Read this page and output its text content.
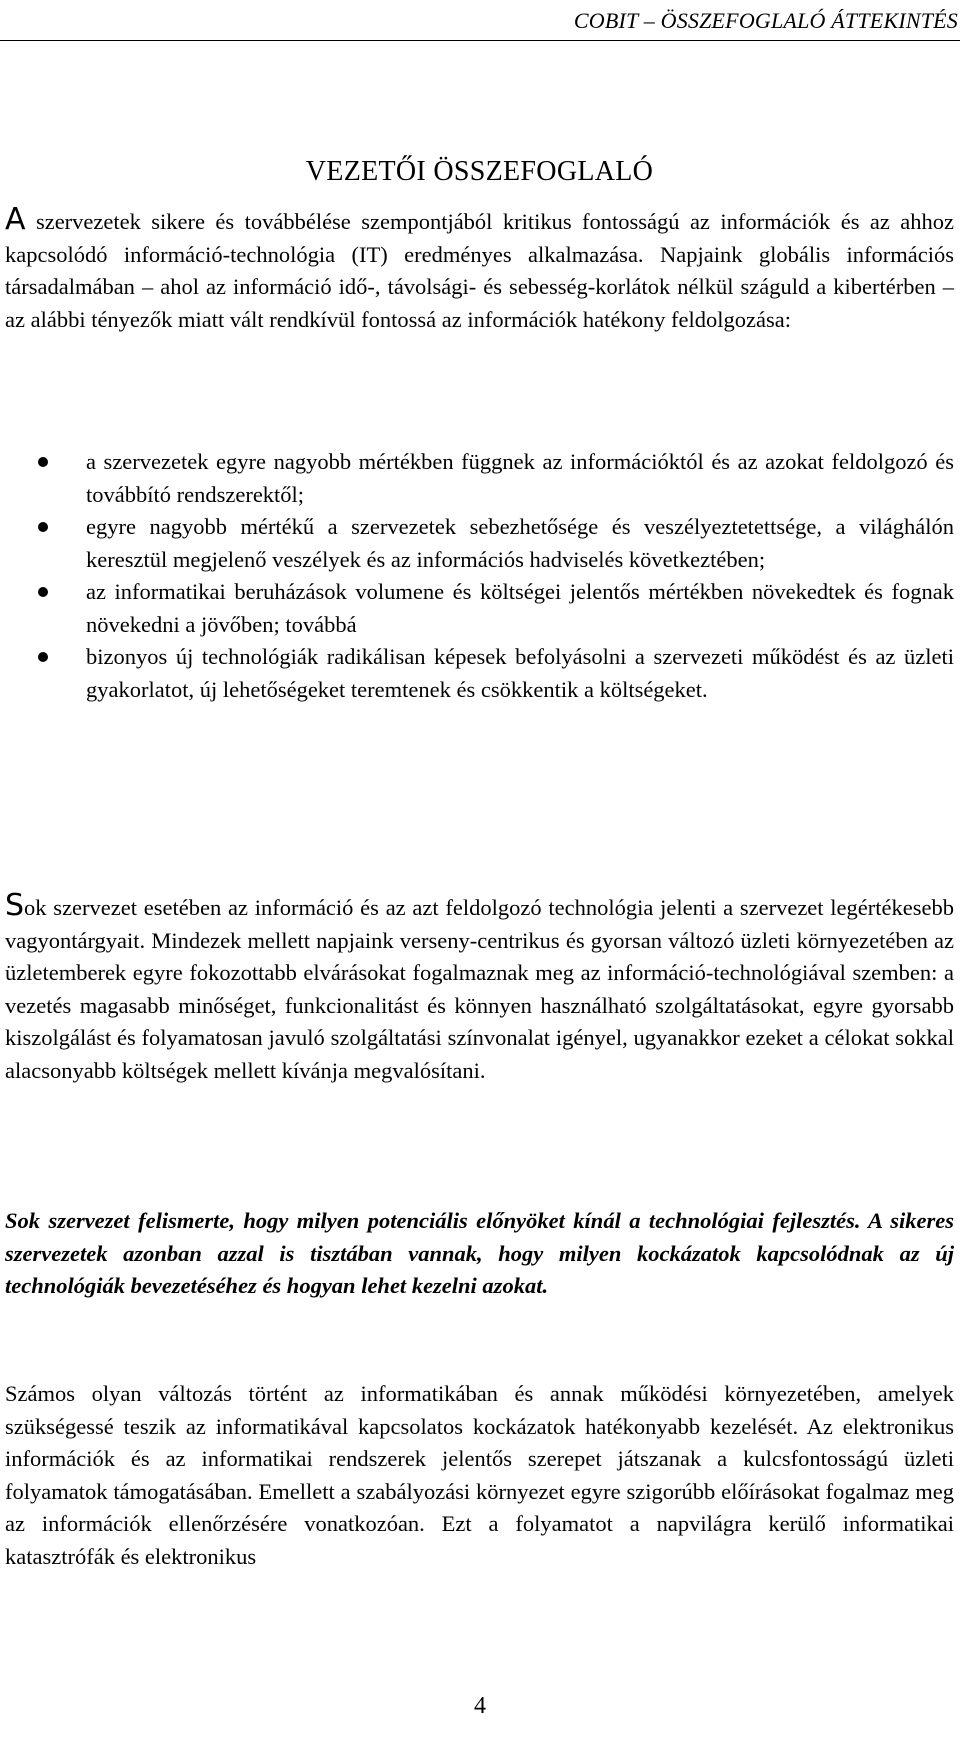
COBIT – ÖSSZEFOGLALÓ ÁTTEKINTÉS
VEZETŐI ÖSSZEFOGLALÓ

A szervezetek sikere és továbbélése szempontjából kritikus fontosságú az információk és az ahhoz kapcsolódó információ-technológia (IT) eredményes alkalmazása. Napjaink globális információs társadalmában – ahol az információ idő-, távolsági- és sebesség-korlátok nélkül száguld a kibertérben – az alábbi tényezők miatt vált rendkívül fontossá az információk hatékony feldolgozása:

a szervezetek egyre nagyobb mértékben függnek az információktól és az azokat feldolgozó és továbbító rendszerektől;
egyre nagyobb mértékű a szervezetek sebezhetősége és veszélyeztetettsége, a világhálón keresztül megjelenő veszélyek és az információs hadviselés következtében;
az informatikai beruházások volumene és költségei jelentős mértékben növekedtek és fognak növekedni a jövőben; továbbá
bizonyos új technológiák radikálisan képesek befolyásolni a szervezeti működést és az üzleti gyakorlatot, új lehetőségeket teremtenek és csökkentik a költségeket.

Sok szervezet esetében az információ és az azt feldolgozó technológia jelenti a szervezet legértékesebb vagyontárgyait. Mindezek mellett napjaink verseny-centrikus és gyorsan változó üzleti környezetében az üzletemberek egyre fokozottabb elvárásokat fogalmaznak meg az információ-technológiával szemben: a vezetés magasabb minőséget, funkcionalitást és könnyen használható szolgáltatásokat, egyre gyorsabb kiszolgálást és folyamatosan javuló szolgáltatási színvonalat igényel, ugyanakkor ezeket a célokat sokkal alacsonyabb költségek mellett kívánja megvalósítani.

Sok szervezet felismerte, hogy milyen potenciális előnyöket kínál a technológiai fejlesztés. A sikeres szervezetek azonban azzal is tisztában vannak, hogy milyen kockázatok kapcsolódnak az új technológiák bevezetéséhez és hogyan lehet kezelni azokat.

Számos olyan változás történt az informatikában és annak működési környezetében, amelyek szükségessé teszik az informatikával kapcsolatos kockázatok hatékonyabb kezelését. Az elektronikus információk és az informatikai rendszerek jelentős szerepet játszanak a kulcsfontosságú üzleti folyamatok támogatásában. Emellett a szabályozási környezet egyre szigorúbb előírásokat fogalmaz meg az információk ellenőrzésére vonatkozóan. Ezt a folyamatot a napvilágra kerülő informatikai katasztrófák és elektronikus

4
